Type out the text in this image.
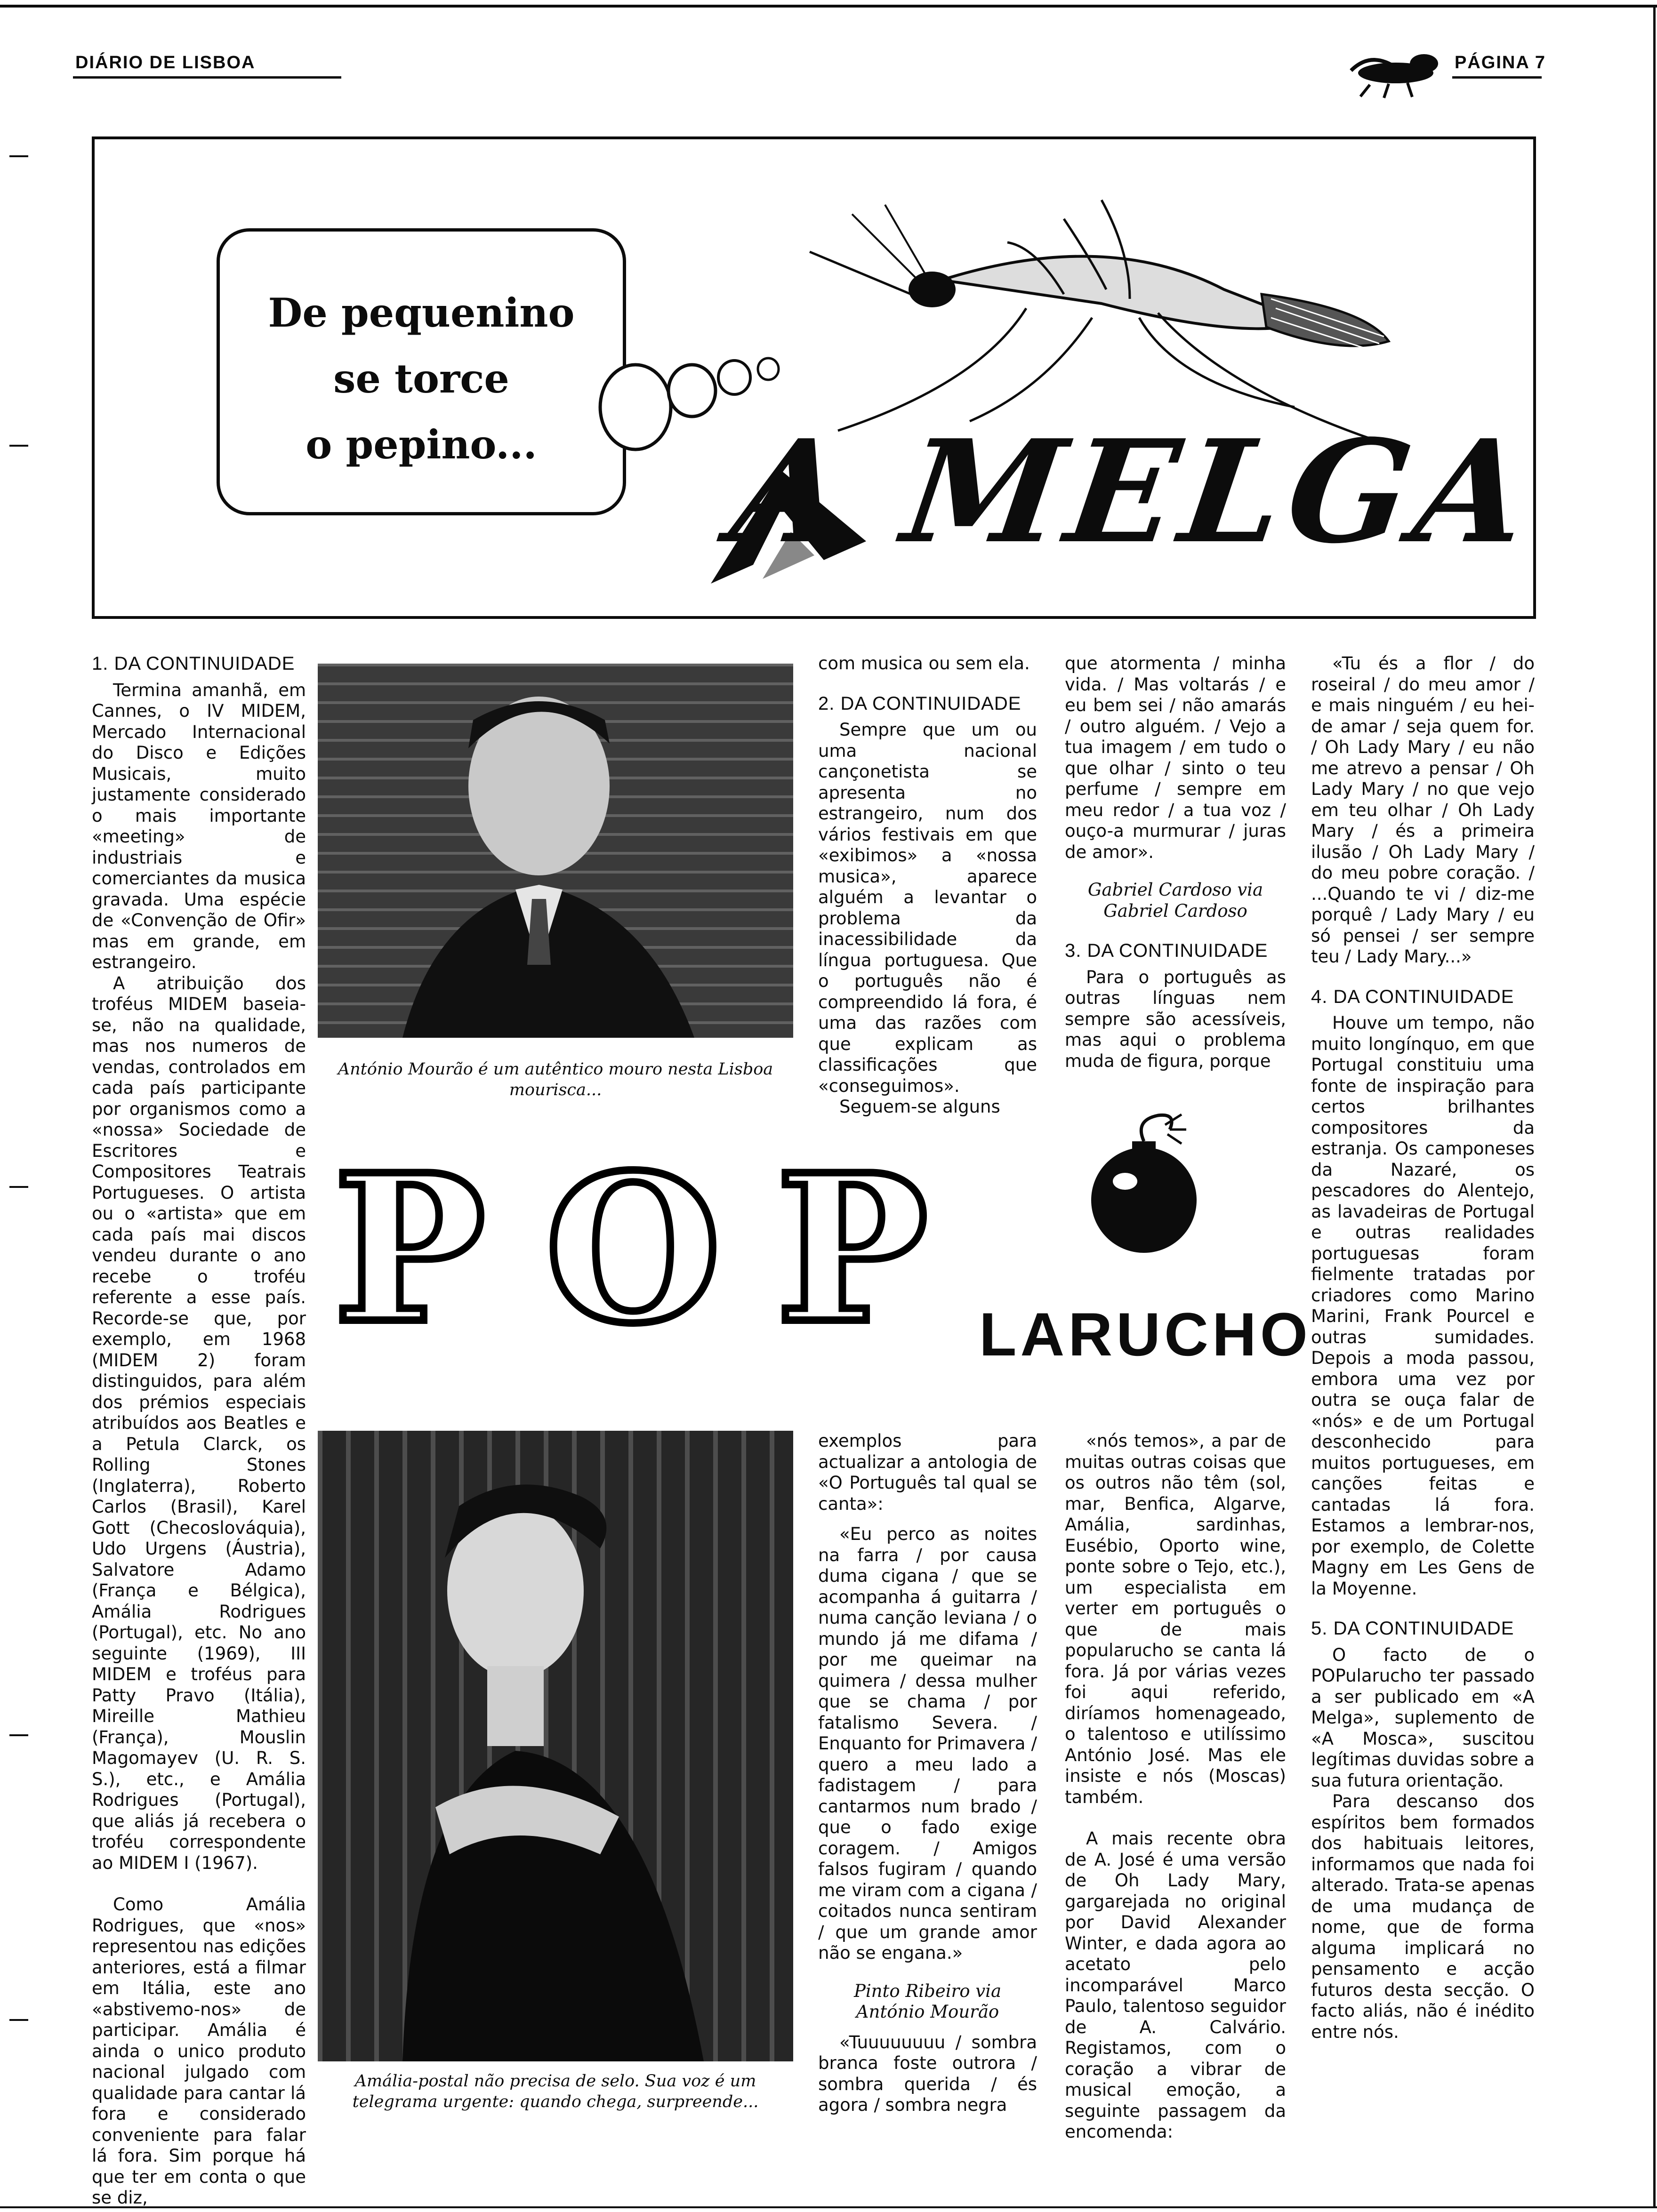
DIÁRIO DE LISBOA	PÁGINA 7
De pequenino
se torce
o pepino...	A MELGA
1. DA CONTINUIDADE

Termina amanhã, em Cannes, o IV MIDEM, Mercado Internacional do Disco e Edições Musicais, muito justamente considerado o mais importante «meeting» de industriais e comerciantes da musica gravada. Uma espécie de «Convenção de Ofir» mas em grande, em estrangeiro.

A atribuição dos troféus MIDEM baseia-se, não na qualidade, mas nos numeros de vendas, controlados em cada país participante por organismos como a «nossa» Sociedade de Escritores e Compositores Teatrais Portugueses. O artista ou o «artista» que em cada país mai discos vendeu durante o ano recebe o troféu referente a esse país. Recorde-se que, por exemplo, em 1968 (MIDEM 2) foram distinguidos, para além dos prémios especiais atribuídos aos Beatles e a Petula Clarck, os Rolling Stones (Inglaterra), Roberto Carlos (Brasil), Karel Gott (Checoslováquia), Udo Urgens (Áustria), Salvatore Adamo (França e Bélgica), Amália Rodrigues (Portugal), etc. No ano seguinte (1969), III MIDEM e troféus para Patty Pravo (Itália), Mireille Mathieu (França), Mouslin Magomayev (U. R. S. S.), etc., e Amália Rodrigues (Portugal), que aliás já recebera o troféu correspondente ao MIDEM I (1967).

Como Amália Rodrigues, que «nos» representou nas edições anteriores, está a filmar em Itália, este ano «abstivemo-nos» de participar. Amália é ainda o unico produto nacional julgado com qualidade para cantar lá fora e considerado conveniente para falar lá fora. Sim porque há que ter em conta o que se diz,

António Mourão é um autêntico mouro nesta Lisboa mourisca...

com musica ou sem ela.

2. DA CONTINUIDADE

Sempre que um ou uma nacional cançonetista se apresenta no estrangeiro, num dos vários festivais em que «exibimos» a «nossa musica», aparece alguém a levantar o problema da inacessibilidade da língua portuguesa. Que o português não é compreendido lá fora, é uma das razões com que explicam as classificações que «conseguimos».

Seguem-se alguns

que atormenta / minha vida. / Mas voltarás / e eu bem sei / não amarás / outro alguém. / Vejo a tua imagem / em tudo o que olhar / sinto o teu perfume / sempre em meu redor / a tua voz / ouço-a murmurar / juras de amor».

Gabriel Cardoso via
Gabriel Cardoso
3. DA CONTINUIDADE

Para o português as outras línguas nem sempre são acessíveis, mas aqui o problema muda de figura, porque

«Tu és a flor / do roseiral / do meu amor / e mais ninguém / eu hei-de amar / seja quem for. / Oh Lady Mary / eu não me atrevo a pensar / Oh Lady Mary / no que vejo em teu olhar / Oh Lady Mary / és a primeira ilusão / Oh Lady Mary / do meu pobre coração. / ...Quando te vi / diz-me porquê / Lady Mary / eu só pensei / ser sempre teu / Lady Mary...»

4. DA CONTINUIDADE

Houve um tempo, não muito longínquo, em que Portugal constituiu uma fonte de inspiração para certos brilhantes compositores da estranja. Os camponeses da Nazaré, os pescadores do Alentejo, as lavadeiras de Portugal e outras realidades portuguesas foram fielmente tratadas por criadores como Marino Marini, Frank Pourcel e outras sumidades. Depois a moda passou, embora uma vez por outra se ouça falar de «nós» e de um Portugal desconhecido para muitos portugueses, em canções feitas e cantadas lá fora. Estamos a lembrar-nos, por exemplo, de Colette Magny em Les Gens de la Moyenne.

5. DA CONTINUIDADE

O facto de o POPularucho ter passado a ser publicado em «A Melga», suplemento de «A Mosca», suscitou legítimas duvidas sobre a sua futura orientação.

Para descanso dos espíritos bem formados dos habituais leitores, informamos que nada foi alterado. Trata-se apenas de uma mudança de nome, que de forma alguma implicará no pensamento e acção futuros desta secção. O facto aliás, não é inédito entre nós.

P O P LARUCHO
Amália-postal não precisa de selo. Sua voz é um telegrama urgente: quando chega, surpreende...

exemplos para actualizar a antologia de «O Português tal qual se canta»:

«Eu perco as noites na farra / por causa duma cigana / que se acompanha á guitarra / numa canção leviana / o mundo já me difama / por me queimar na quimera / dessa mulher que se chama / por fatalismo Severa. / Enquanto for Primavera / quero a meu lado a fadistagem / para cantarmos num brado / que o fado exige coragem. / Amigos falsos fugiram / quando me viram com a cigana / coitados nunca sentiram / que um grande amor não se engana.»

Pinto Ribeiro via
António Mourão

«Tuuuuuuuu / sombra branca foste outrora / sombra querida / és agora / sombra negra

«nós temos», a par de muitas outras coisas que os outros não têm (sol, mar, Benfica, Algarve, Amália, sardinhas, Eusébio, Oporto wine, ponte sobre o Tejo, etc.), um especialista em verter em português o que de mais popularucho se canta lá fora. Já por várias vezes foi aqui referido, diríamos homenageado, o talentoso e utilíssimo António José. Mas ele insiste e nós (Moscas) também.

A mais recente obra de A. José é uma versão de Oh Lady Mary, gargarejada no original por David Alexander Winter, e dada agora ao acetato pelo incomparável Marco Paulo, talentoso seguidor de A. Calvário. Registamos, com o coração a vibrar de musical emoção, a seguinte passagem da encomenda:
